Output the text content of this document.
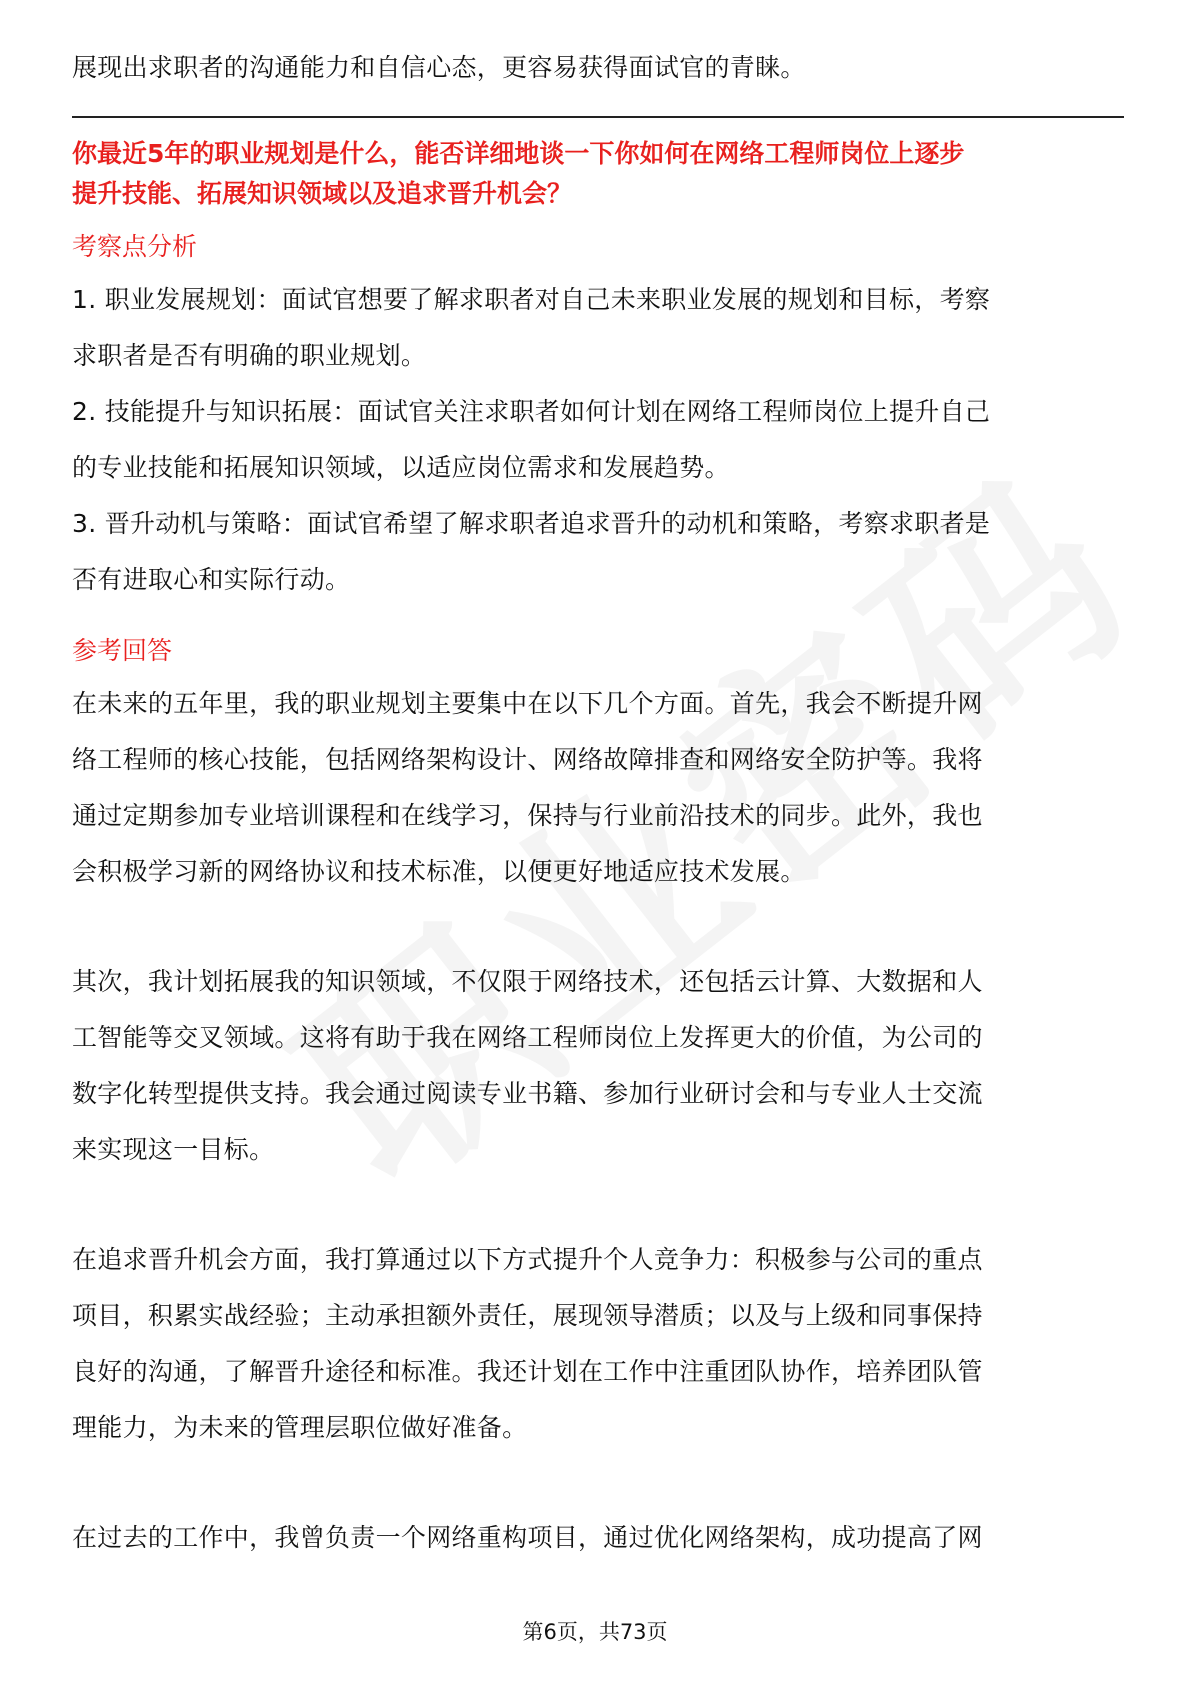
展现出求职者的沟通能力和自信心态，更容易获得面试官的青睐。
你最近5年的职业规划是什么，能否详细地谈一下你如何在网络工程师岗位上逐步
提升技能、拓展知识领域以及追求晋升机会？
考察点分析
1. 职业发展规划：面试官想要了解求职者对自己未来职业发展的规划和目标，考察
求职者是否有明确的职业规划。
2. 技能提升与知识拓展：面试官关注求职者如何计划在网络工程师岗位上提升自己
的专业技能和拓展知识领域，以适应岗位需求和发展趋势。
3. 晋升动机与策略：面试官希望了解求职者追求晋升的动机和策略，考察求职者是
否有进取心和实际行动。
参考回答
在未来的五年里，我的职业规划主要集中在以下几个方面。首先，我会不断提升网
络工程师的核心技能，包括网络架构设计、网络故障排查和网络安全防护等。我将
通过定期参加专业培训课程和在线学习，保持与行业前沿技术的同步。此外，我也
会积极学习新的网络协议和技术标准，以便更好地适应技术发展。
其次，我计划拓展我的知识领域，不仅限于网络技术，还包括云计算、大数据和人
工智能等交叉领域。这将有助于我在网络工程师岗位上发挥更大的价值，为公司的
数字化转型提供支持。我会通过阅读专业书籍、参加行业研讨会和与专业人士交流
来实现这一目标。
在追求晋升机会方面，我打算通过以下方式提升个人竞争力：积极参与公司的重点
项目，积累实战经验；主动承担额外责任，展现领导潜质；以及与上级和同事保持
良好的沟通，了解晋升途径和标准。我还计划在工作中注重团队协作，培养团队管
理能力，为未来的管理层职位做好准备。
在过去的工作中，我曾负责一个网络重构项目，通过优化网络架构，成功提高了网
第6页，共73页
